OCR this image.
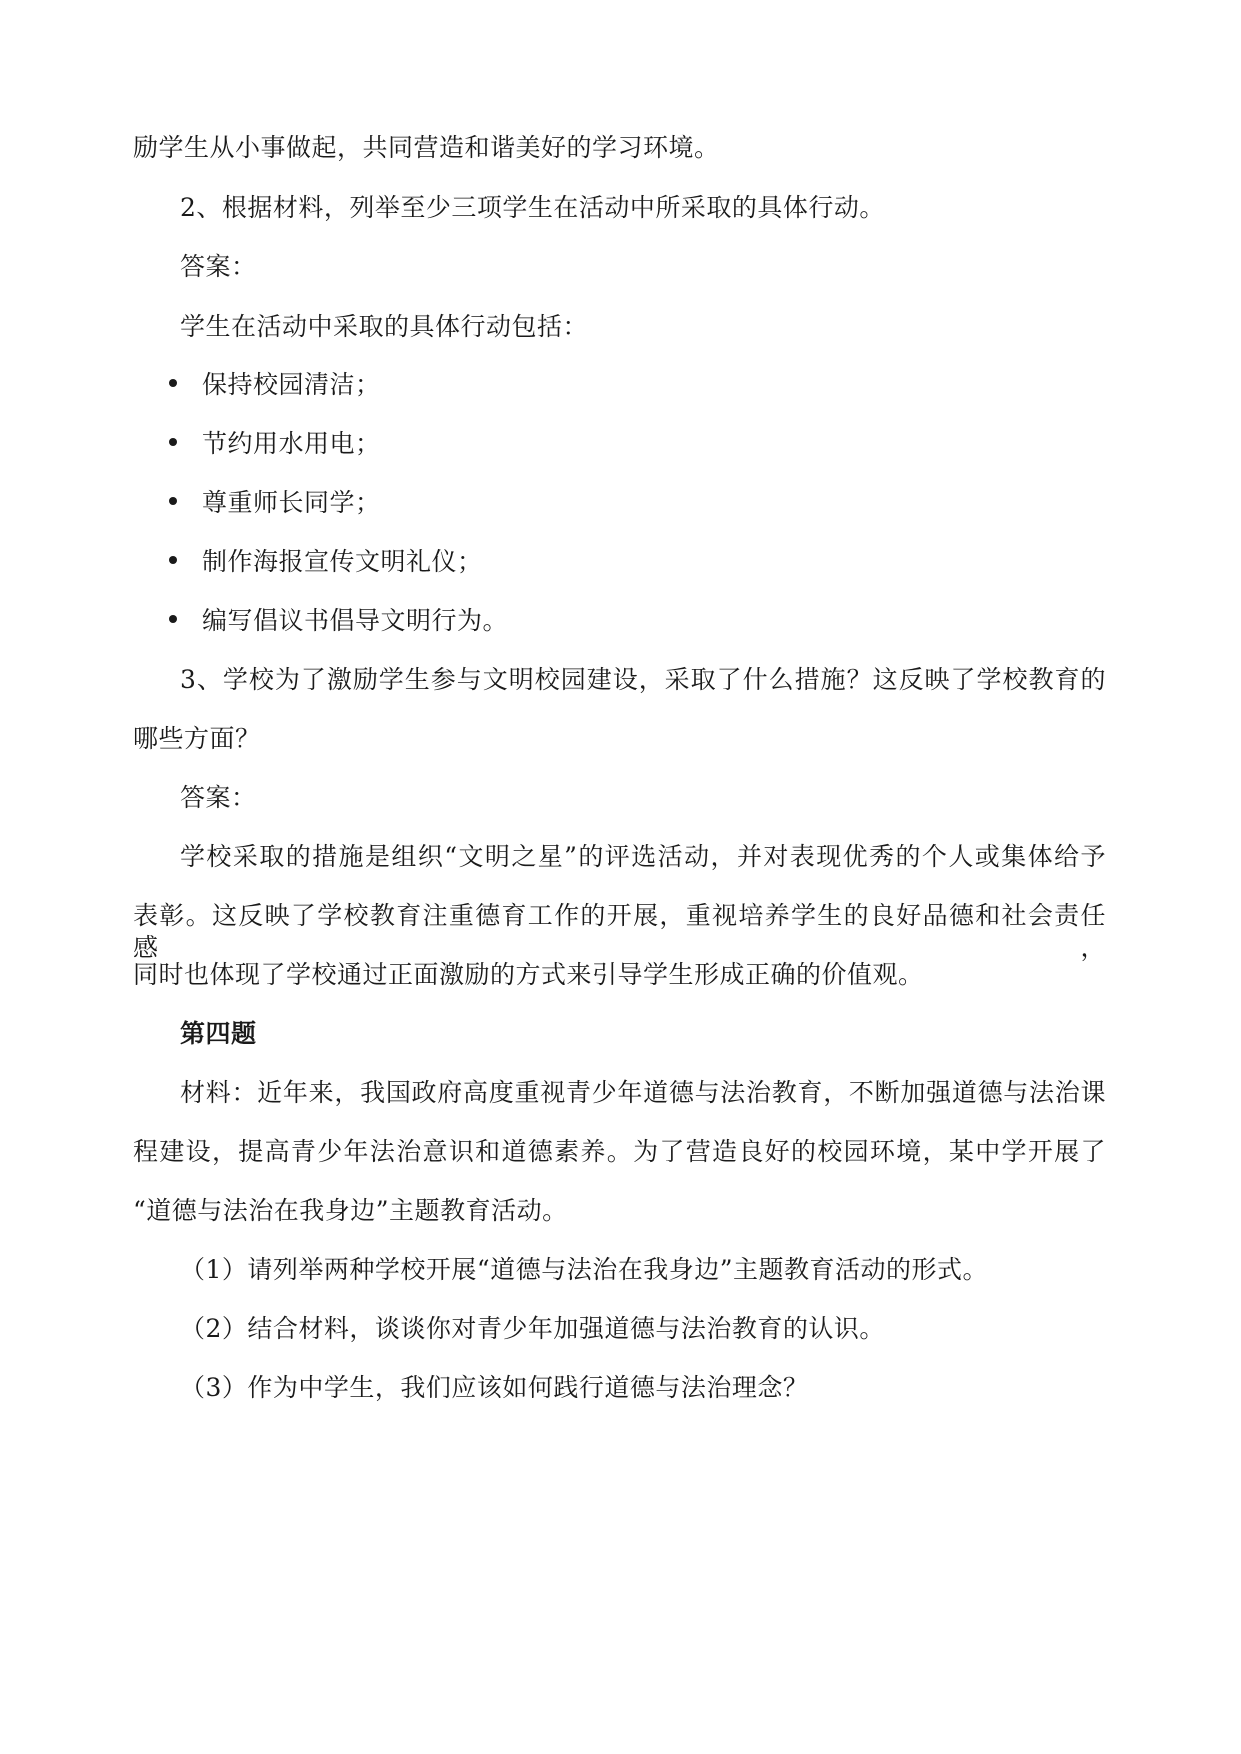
励学生从小事做起，共同营造和谐美好的学习环境。
2、根据材料，列举至少三项学生在活动中所采取的具体行动。
答案：
学生在活动中采取的具体行动包括：
保持校园清洁；
节约用水用电；
尊重师长同学；
制作海报宣传文明礼仪；
编写倡议书倡导文明行为。
3、学校为了激励学生参与文明校园建设，采取了什么措施？这反映了学校教育的
哪些方面？
答案：
学校采取的措施是组织“文明之星”的评选活动，并对表现优秀的个人或集体给予
表彰。这反映了学校教育注重德育工作的开展，重视培养学生的良好品德和社会责任感，
同时也体现了学校通过正面激励的方式来引导学生形成正确的价值观。
第四题
材料：近年来，我国政府高度重视青少年道德与法治教育，不断加强道德与法治课
程建设，提高青少年法治意识和道德素养。为了营造良好的校园环境，某中学开展了
“道德与法治在我身边”主题教育活动。
（1）请列举两种学校开展“道德与法治在我身边”主题教育活动的形式。
（2）结合材料，谈谈你对青少年加强道德与法治教育的认识。
（3）作为中学生，我们应该如何践行道德与法治理念？
